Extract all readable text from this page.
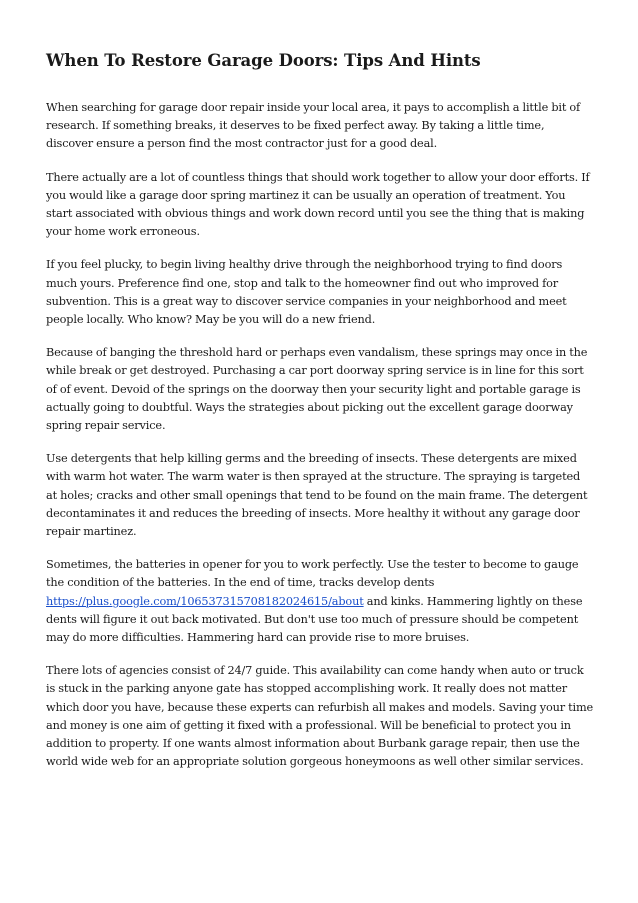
When To Restore Garage Doors: Tips And Hints

When searching for garage door repair inside your local area, it pays to accomplish a little bit of research. If something breaks, it deserves to be fixed perfect away. By taking a little time, discover ensure a person find the most contractor just for a good deal.

There actually are a lot of countless things that should work together to allow your door efforts. If you would like a garage door spring martinez it can be usually an operation of treatment. You start associated with obvious things and work down record until you see the thing that is making your home work erroneous.

If you feel plucky, to begin living healthy drive through the neighborhood trying to find doors much yours. Preference find one, stop and talk to the homeowner find out who improved for subvention. This is a great way to discover service companies in your neighborhood and meet people locally. Who know? May be you will do a new friend.

Because of banging the threshold hard or perhaps even vandalism, these springs may once in the while break or get destroyed. Purchasing a car port doorway spring service is in line for this sort of of event. Devoid of the springs on the doorway then your security light and portable garage is actually going to doubtful. Ways the strategies about picking out the excellent garage doorway spring repair service.

Use detergents that help killing germs and the breeding of insects. These detergents are mixed with warm hot water. The warm water is then sprayed at the structure. The spraying is targeted at holes; cracks and other small openings that tend to be found on the main frame. The detergent decontaminates it and reduces the breeding of insects. More healthy it without any garage door repair martinez.

Sometimes, the batteries in opener for you to work perfectly. Use the tester to become to gauge the condition of the batteries. In the end of time, tracks develop dents https://plus.google.com/106537315708182024615/about and kinks. Hammering lightly on these dents will figure it out back motivated. But don't use too much of pressure should be competent may do more difficulties. Hammering hard can provide rise to more bruises.

There lots of agencies consist of 24/7 guide. This availability can come handy when auto or truck is stuck in the parking anyone gate has stopped accomplishing work. It really does not matter which door you have, because these experts can refurbish all makes and models. Saving your time and money is one aim of getting it fixed with a professional. Will be beneficial to protect you in addition to property. If one wants almost information about Burbank garage repair, then use the world wide web for an appropriate solution gorgeous honeymoons as well other similar services.
